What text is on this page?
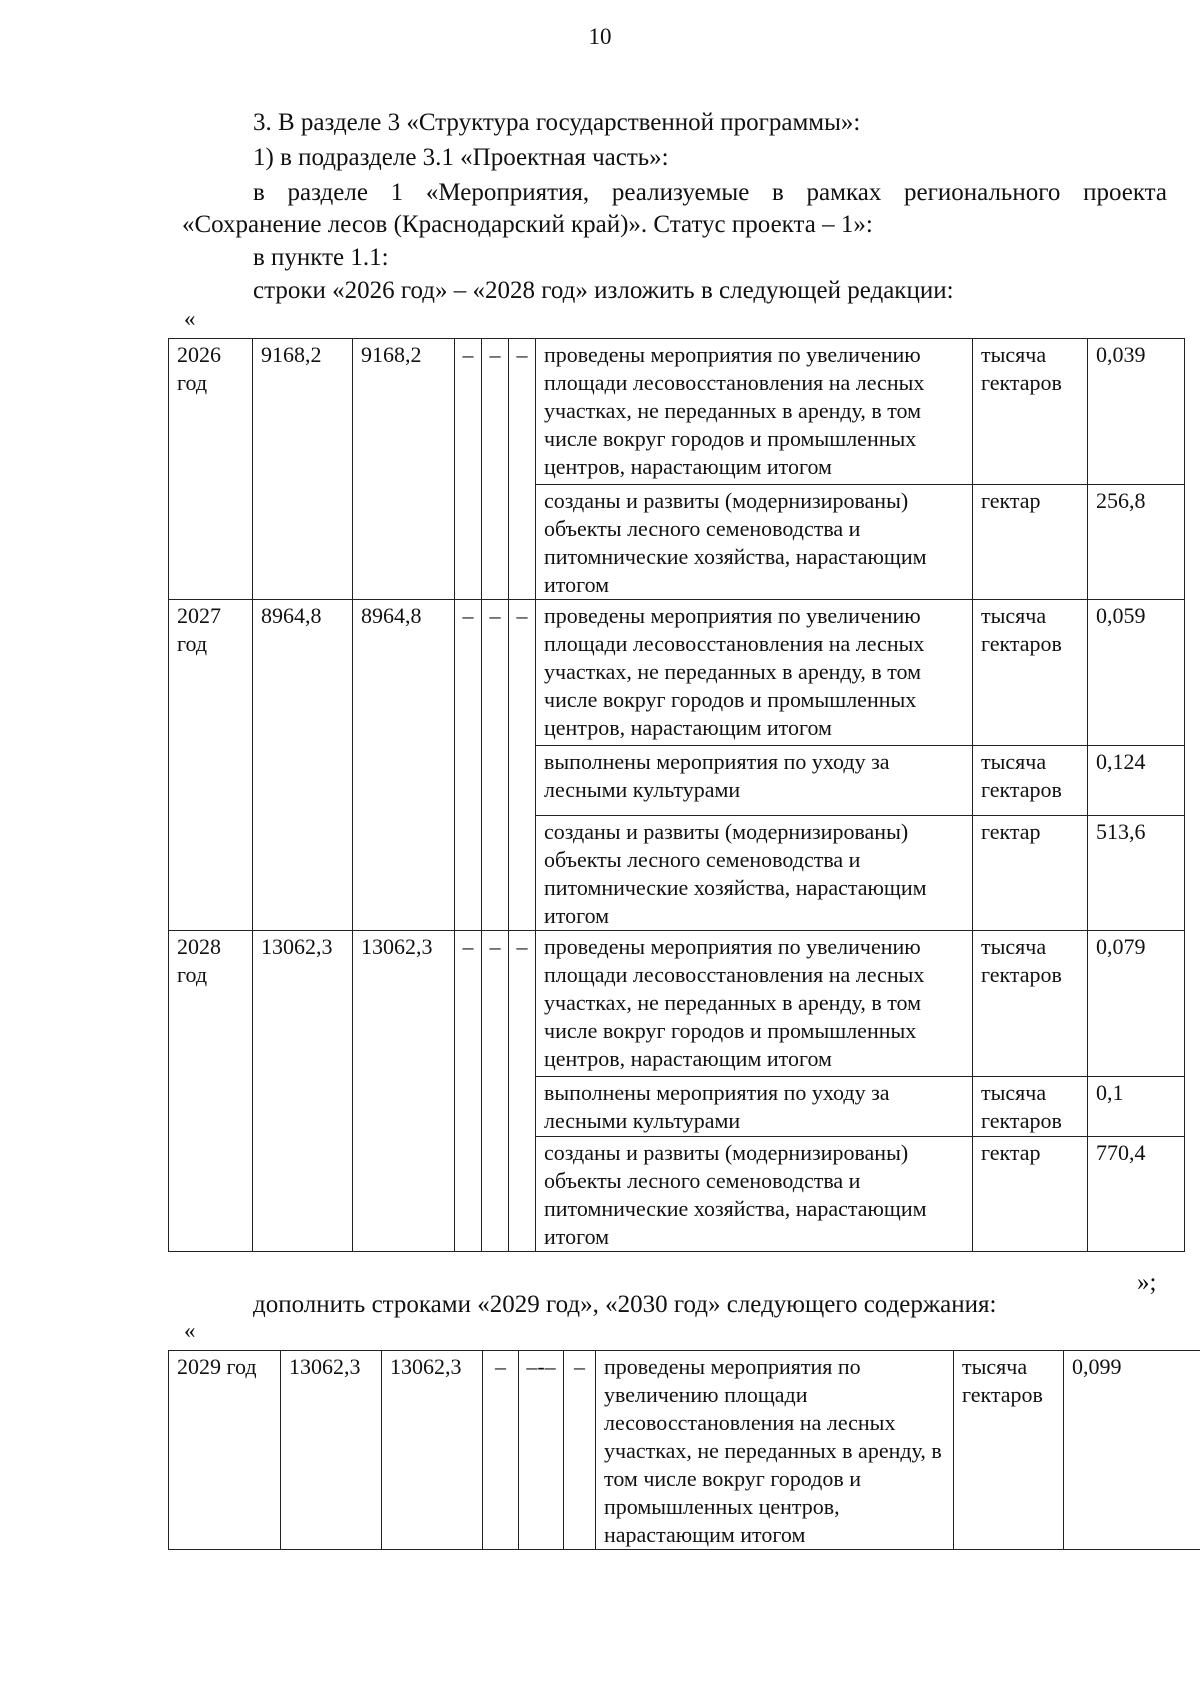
10
3. В разделе 3 «Структура государственной программы»:
1) в подразделе 3.1 «Проектная часть»:
в разделе 1 «Мероприятия, реализуемые в рамках регионального проекта
«Сохранение лесов (Краснодарский край)». Статус проекта – 1»:
в пункте 1.1:
строки «2026 год» – «2028 год» изложить в следующей редакции:
«
2026 год	9168,2	9168,2	–	–	–	проведены мероприятия по увеличению площади лесовосстановления на лесных участках, не переданных в аренду, в том числе вокруг городов и промышленных центров, нарастающим итогом	тысяча гектаров	0,039
						созданы и развиты (модернизированы) объекты лесного семеноводства и питомнические хозяйства, нарастающим итогом	гектар	256,8
2027 год	8964,8	8964,8	–	–	–	проведены мероприятия по увеличению площади лесовосстановления на лесных участках, не переданных в аренду, в том числе вокруг городов и промышленных центров, нарастающим итогом	тысяча гектаров	0,059
						выполнены мероприятия по уходу за лесными культурами	тысяча гектаров	0,124
						созданы и развиты (модернизированы) объекты лесного семеноводства и питомнические хозяйства, нарастающим итогом	гектар	513,6
2028 год	13062,3	13062,3	–	–	–	проведены мероприятия по увеличению площади лесовосстановления на лесных участках, не переданных в аренду, в том числе вокруг городов и промышленных центров, нарастающим итогом	тысяча гектаров	0,079
						выполнены мероприятия по уходу за лесными культурами	тысяча гектаров	0,1
						созданы и развиты (модернизированы) объекты лесного семеноводства и питомнические хозяйства, нарастающим итогом	гектар	770,4
»;
дополнить строками «2029 год», «2030 год» следующего содержания:
«
2029 год	13062,3	13062,3	–	–-–	–	проведены мероприятия по увеличению площади лесовосстановления на лесных участках, не переданных в аренду, в том числе вокруг городов и промышленных центров, нарастающим итогом	тысяча гектаров	0,099
